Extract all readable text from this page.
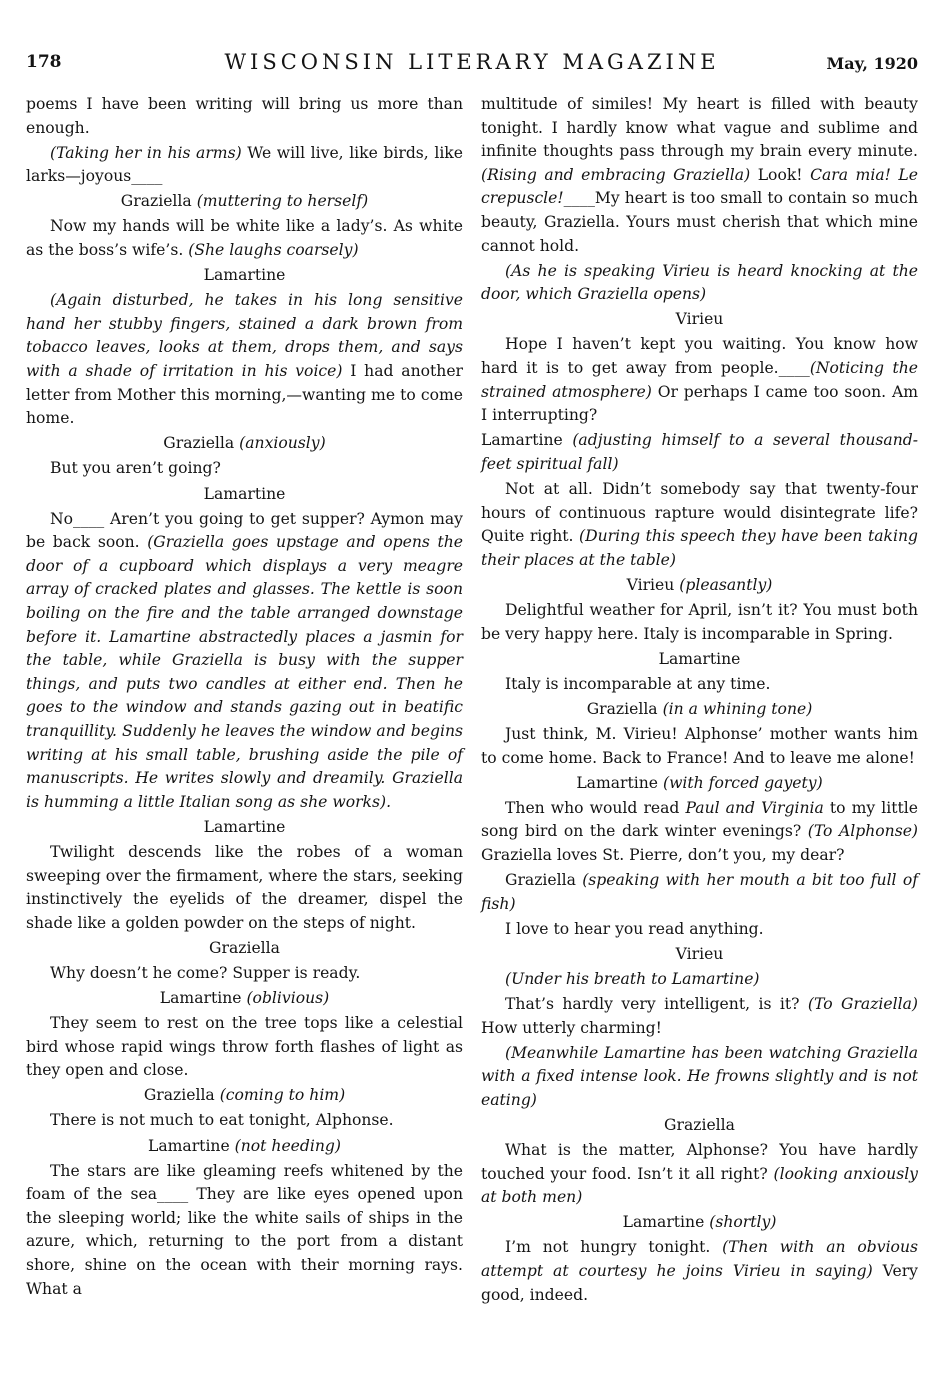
178	WISCONSIN LITERARY MAGAZINE	May, 1920

poems I have been writing will bring us more than enough.

(Taking her in his arms) We will live, like birds, like larks—joyous____

Graziella (muttering to herself)

Now my hands will be white like a lady’s. As white as the boss’s wife’s. (She laughs coarsely)

Lamartine

(Again disturbed, he takes in his long sensitive hand her stubby fingers, stained a dark brown from tobacco leaves, looks at them, drops them, and says with a shade of irritation in his voice) I had another letter from Mother this morning,—wanting me to come home.

Graziella (anxiously)

But you aren’t going?

Lamartine

No____ Aren’t you going to get supper? Aymon may be back soon. (Graziella goes upstage and opens the door of a cupboard which displays a very meagre array of cracked plates and glasses. The kettle is soon boiling on the fire and the table arranged downstage before it. Lamartine abstractedly places a jasmin for the table, while Graziella is busy with the supper things, and puts two candles at either end. Then he goes to the window and stands gazing out in beatific tranquillity. Suddenly he leaves the window and begins writing at his small table, brushing aside the pile of manuscripts. He writes slowly and dreamily. Graziella is humming a little Italian song as she works).

Lamartine

Twilight descends like the robes of a woman sweeping over the firmament, where the stars, seeking instinctively the eyelids of the dreamer, dispel the shade like a golden powder on the steps of night.

Graziella

Why doesn’t he come? Supper is ready.

Lamartine (oblivious)

They seem to rest on the tree tops like a celestial bird whose rapid wings throw forth flashes of light as they open and close.

Graziella (coming to him)

There is not much to eat tonight, Alphonse.

Lamartine (not heeding)

The stars are like gleaming reefs whitened by the foam of the sea____ They are like eyes opened upon the sleeping world; like the white sails of ships in the azure, which, returning to the port from a distant shore, shine on the ocean with their morning rays. What a

multitude of similes! My heart is filled with beauty tonight. I hardly know what vague and sublime and infinite thoughts pass through my brain every minute. (Rising and embracing Graziella) Look! Cara mia! Le crepuscle!____My heart is too small to contain so much beauty, Graziella. Yours must cherish that which mine cannot hold.

(As he is speaking Virieu is heard knocking at the door, which Graziella opens)

Virieu

Hope I haven’t kept you waiting. You know how hard it is to get away from people.____(Noticing the strained atmosphere) Or perhaps I came too soon. Am I interrupting?

Lamartine (adjusting himself to a several thousand-feet spiritual fall)

Not at all. Didn’t somebody say that twenty-four hours of continuous rapture would disintegrate life? Quite right. (During this speech they have been taking their places at the table)

Virieu (pleasantly)

Delightful weather for April, isn’t it? You must both be very happy here. Italy is incomparable in Spring.

Lamartine

Italy is incomparable at any time.

Graziella (in a whining tone)

Just think, M. Virieu! Alphonse’ mother wants him to come home. Back to France! And to leave me alone!

Lamartine (with forced gayety)

Then who would read Paul and Virginia to my little song bird on the dark winter evenings? (To Alphonse) Graziella loves St. Pierre, don’t you, my dear?

Graziella (speaking with her mouth a bit too full of fish)

I love to hear you read anything.

Virieu

(Under his breath to Lamartine)

That’s hardly very intelligent, is it? (To Graziella) How utterly charming!

(Meanwhile Lamartine has been watching Graziella with a fixed intense look. He frowns slightly and is not eating)

Graziella

What is the matter, Alphonse? You have hardly touched your food. Isn’t it all right? (looking anxiously at both men)

Lamartine (shortly)

I’m not hungry tonight. (Then with an obvious attempt at courtesy he joins Virieu in saying) Very good, indeed.
